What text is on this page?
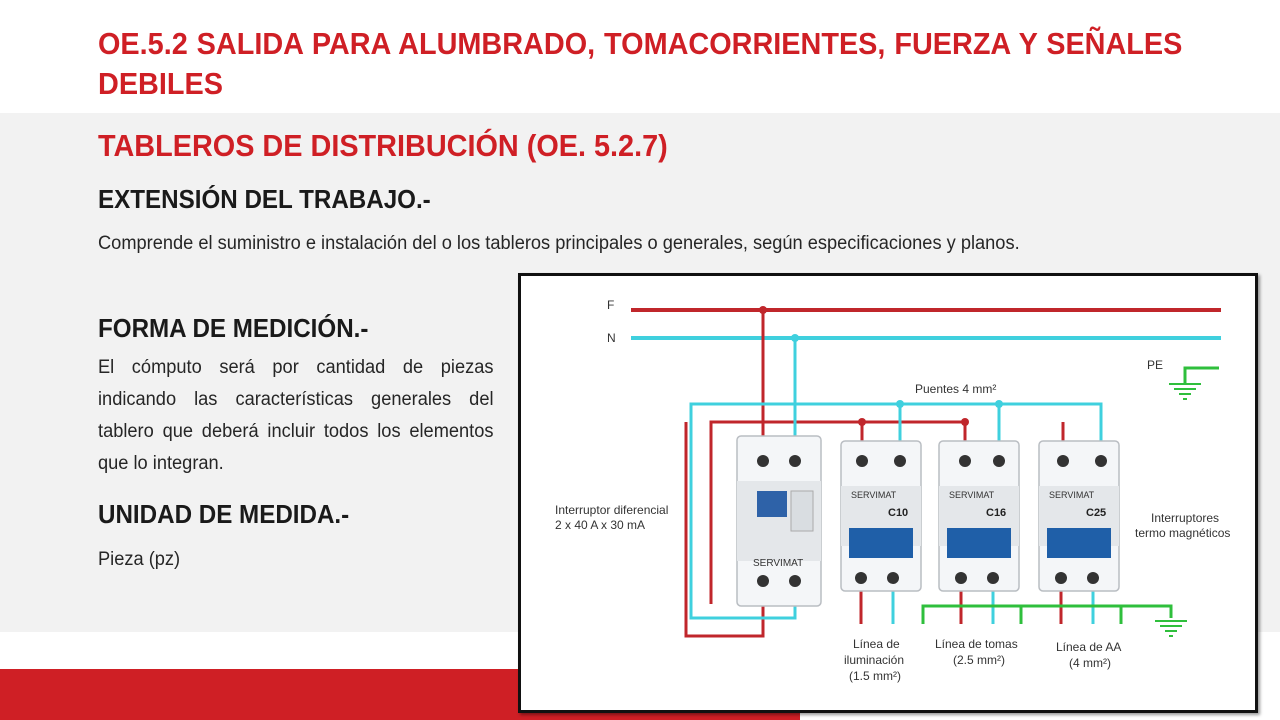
OE.5.2 SALIDA PARA ALUMBRADO, TOMACORRIENTES, FUERZA Y SEÑALES DEBILES
TABLEROS DE DISTRIBUCIÓN (OE. 5.2.7)
EXTENSIÓN DEL TRABAJO.-

Comprende el suministro e instalación del o los tableros principales o generales, según especificaciones y planos.

FORMA DE MEDICIÓN.-

El cómputo será por cantidad de piezas indicando las características generales del tablero que deberá incluir todos los elementos que lo integran.

UNIDAD DE MEDIDA.-

Pieza (pz)

F
N
PE
Puentes 4 mm²
SERVIMAT
SERVIMAT
C10
SERVIMAT
C16
SERVIMAT
C25
Interruptor diferencial
2 x 40 A x 30 mA	Interruptores
termo magnéticos
Línea de
iluminación
(1.5 mm²)
Línea de tomas
(2.5 mm²)
Línea de AA
(4 mm²)
